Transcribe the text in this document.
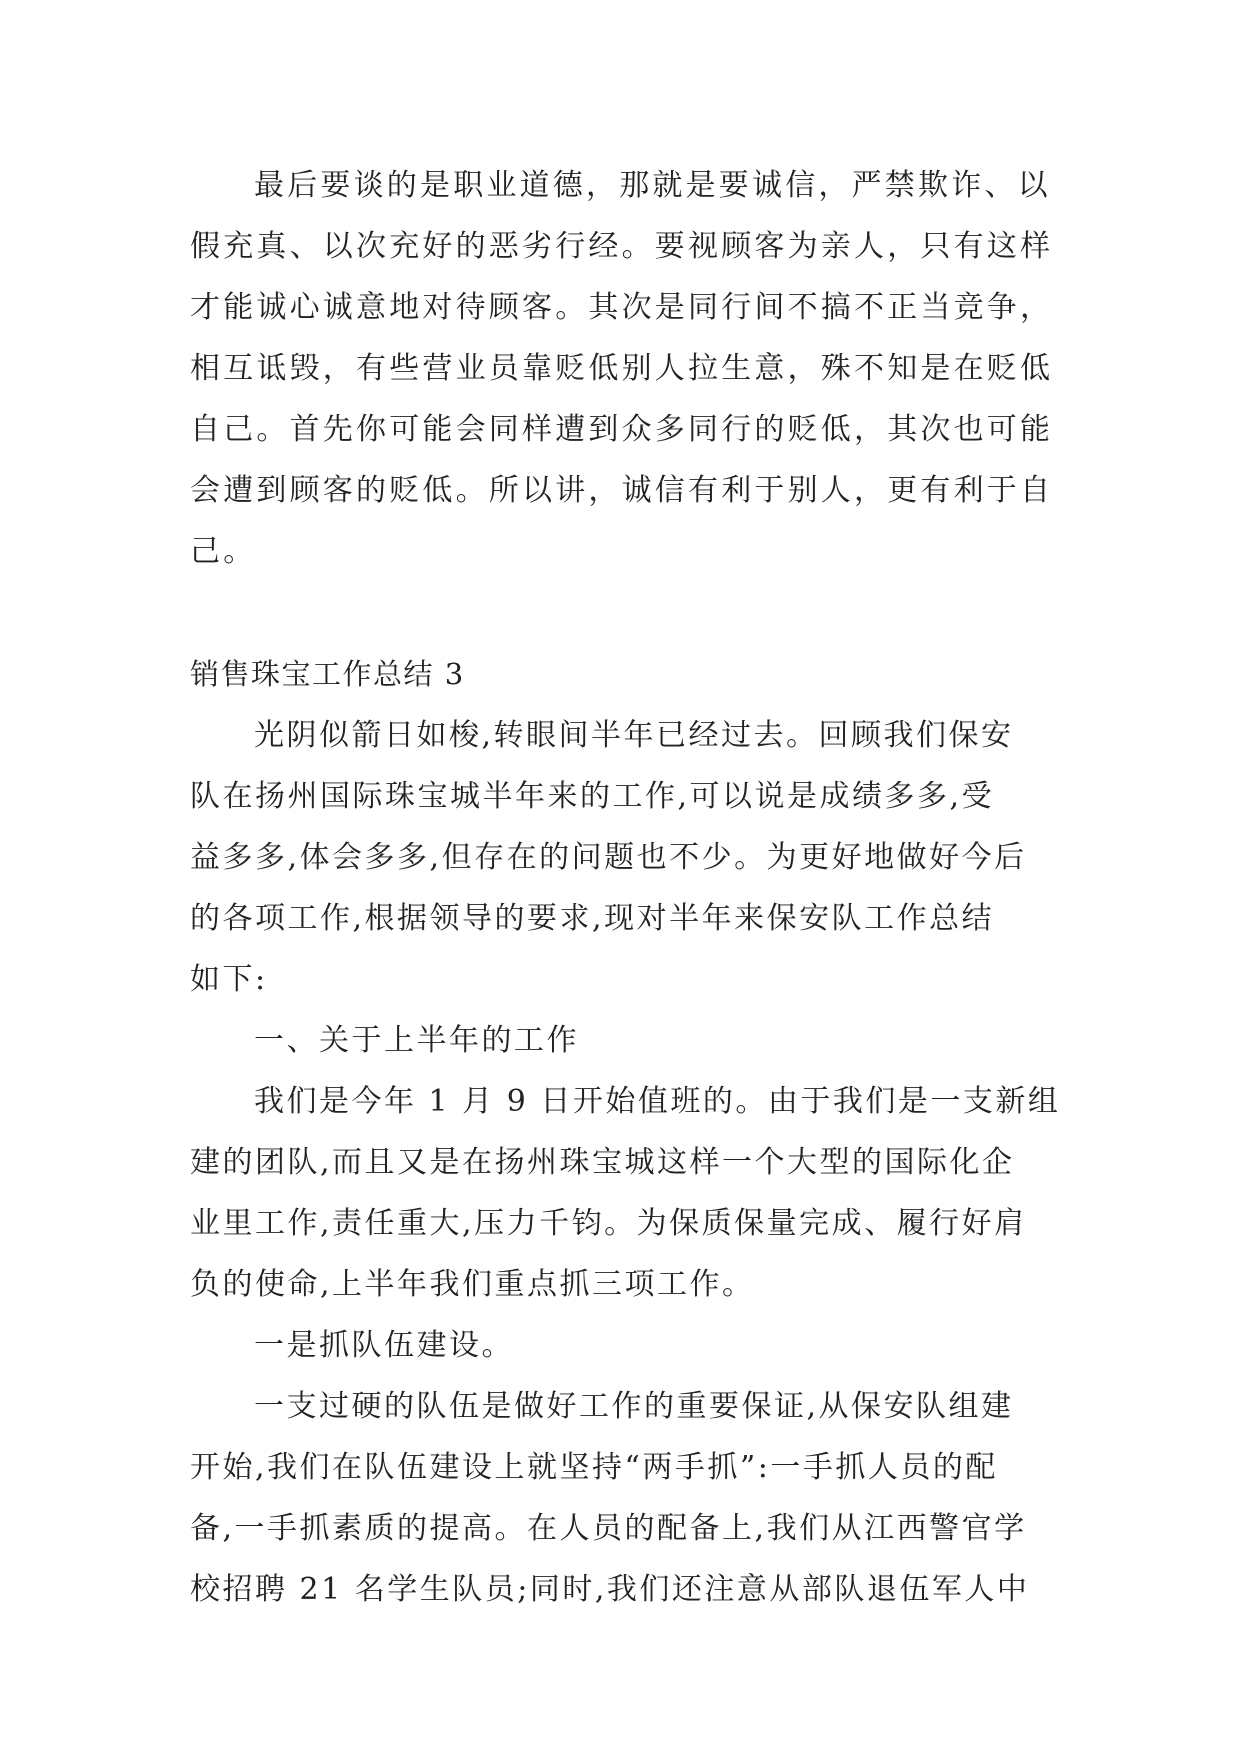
最后要谈的是职业道德，那就是要诚信，严禁欺诈、以
假充真、以次充好的恶劣行经。要视顾客为亲人，只有这样
才能诚心诚意地对待顾客。其次是同行间不搞不正当竞争，
相互诋毁，有些营业员靠贬低别人拉生意，殊不知是在贬低
自己。首先你可能会同样遭到众多同行的贬低，其次也可能
会遭到顾客的贬低。所以讲，诚信有利于别人，更有利于自
己。
销售珠宝工作总结 3
光阴似箭日如梭,转眼间半年已经过去。回顾我们保安
队在扬州国际珠宝城半年来的工作,可以说是成绩多多,受
益多多,体会多多,但存在的问题也不少。为更好地做好今后
的各项工作,根据领导的要求,现对半年来保安队工作总结
如下:
一、关于上半年的工作
我们是今年 1 月 9 日开始值班的。由于我们是一支新组
建的团队,而且又是在扬州珠宝城这样一个大型的国际化企
业里工作,责任重大,压力千钧。为保质保量完成、履行好肩
负的使命,上半年我们重点抓三项工作。
一是抓队伍建设。
一支过硬的队伍是做好工作的重要保证,从保安队组建
开始,我们在队伍建设上就坚持“两手抓”:一手抓人员的配
备,一手抓素质的提高。在人员的配备上,我们从江西警官学
校招聘 21 名学生队员;同时,我们还注意从部队退伍军人中
